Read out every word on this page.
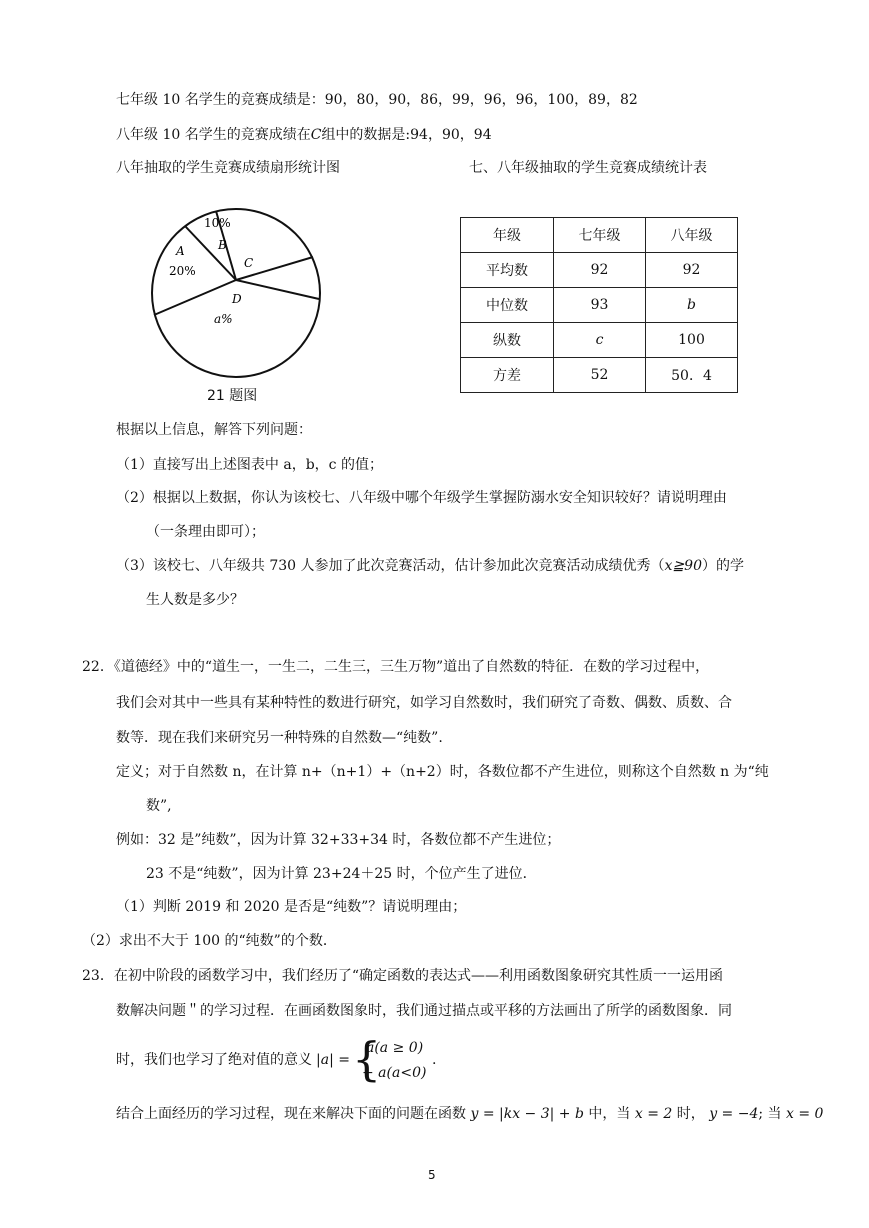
七年级 10 名学生的竞赛成绩是：90，80，90，86，99，96，96，100，89，82
八年级 10 名学生的竞赛成绩在C组中的数据是:94，90，94
八年抽取的学生竞赛成绩扇形统计图	七、八年级抽取的学生竞赛成绩统计表
10%
A	B
20%
C
D
a%
21 题图
年级	七年级	八年级
平均数	92	92
中位数	93	b
纵数	c	100
方差	52	50．4
根据以上信息，解答下列问题：
（1）直接写出上述图表中 a，b，c 的值；
（2）根据以上数据，你认为该校七、八年级中哪个年级学生掌握防溺水安全知识较好？请说明理由
（一条理由即可）；
（3）该校七、八年级共 730 人参加了此次竞赛活动，估计参加此次竞赛活动成绩优秀（x≧90）的学
生人数是多少？
22．《道德经》中的“道生一，一生二，二生三，三生万物”道出了自然数的特征．在数的学习过程中，
我们会对其中一些具有某种特性的数进行研究，如学习自然数时，我们研究了奇数、偶数、质数、合
数等．现在我们来研究另一种特殊的自然数—“纯数”.
定义；对于自然数 n，在计算 n+（n+1）+（n+2）时，各数位都不产生进位，则称这个自然数 n 为“纯
数”,
例如：32 是”纯数”，因为计算 32+33+34 时，各数位都不产生进位；
23 不是“纯数”，因为计算 23+24＋25 时，个位产生了进位．
（1）判断 2019 和 2020 是否是“纯数”？请说明理由；
（2）求出不大于 100 的“纯数”的个数．
23．在初中阶段的函数学习中，我们经历了“确定函数的表达式——利用函数图象研究其性质一一运用函
数解决问题＂的学习过程．在画函数图象时，我们通过描点或平移的方法画出了所学的函数图象．同
时，我们也学习了绝对值的意义 |a| = {
a(a ≥ 0)
− a(a<0)
.
结合上面经历的学习过程，现在来解决下面的问题在函数 y = |kx − 3| + b 中，当 x = 2 时， y = −4; 当 x = 0
5
